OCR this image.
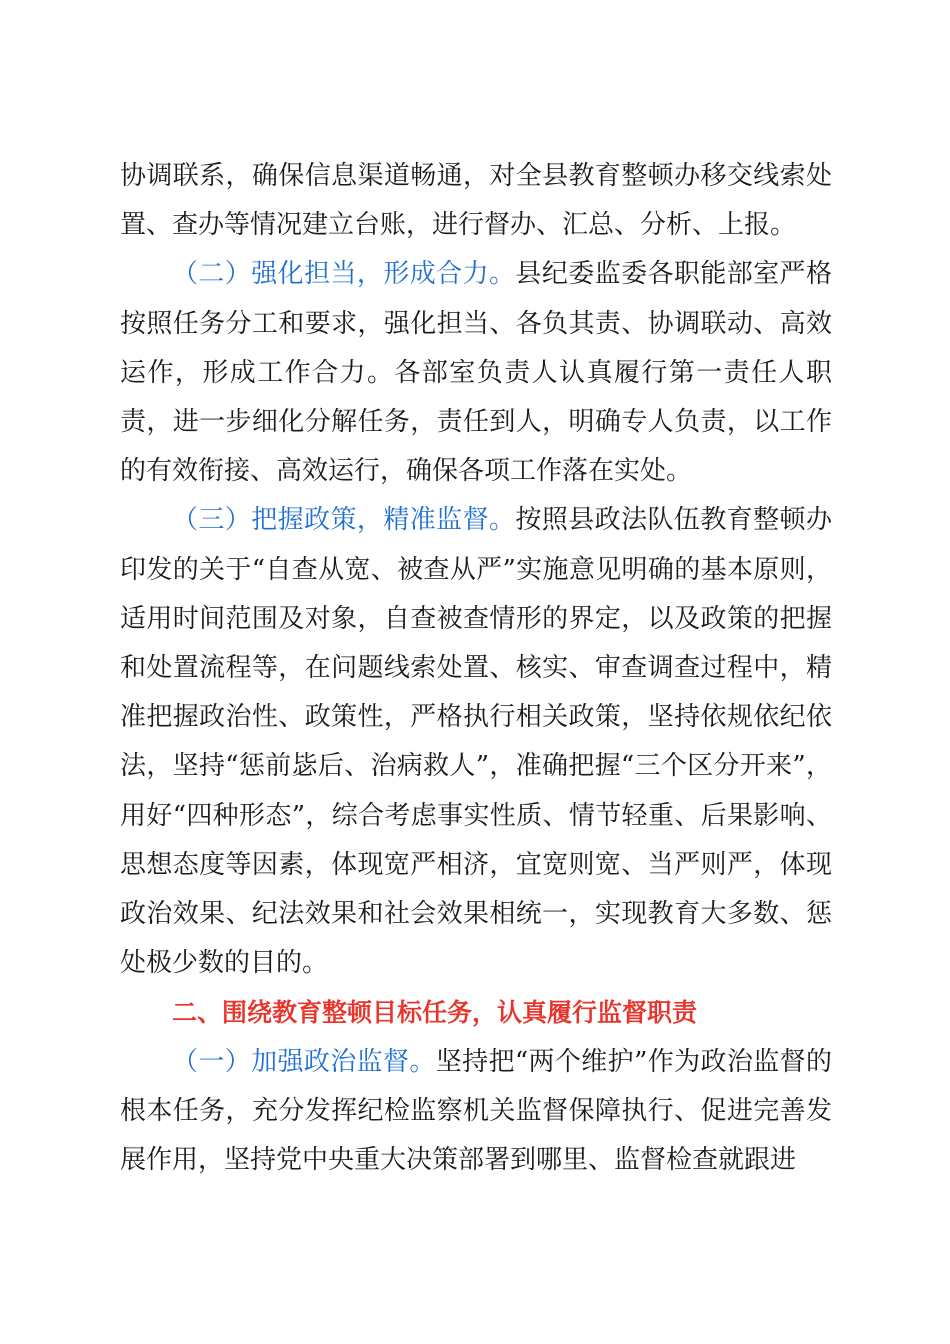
协调联系，确保信息渠道畅通，对全县教育整顿办移交线索处置、查办等情况建立台账，进行督办、汇总、分析、上报。

（二）强化担当，形成合力。县纪委监委各职能部室严格按照任务分工和要求，强化担当、各负其责、协调联动、高效运作，形成工作合力。各部室负责人认真履行第一责任人职责，进一步细化分解任务，责任到人，明确专人负责，以工作的有效衔接、高效运行，确保各项工作落在实处。

（三）把握政策，精准监督。按照县政法队伍教育整顿办印发的关于“自查从宽、被查从严”实施意见明确的基本原则，适用时间范围及对象，自查被查情形的界定，以及政策的把握和处置流程等，在问题线索处置、核实、审查调查过程中，精准把握政治性、政策性，严格执行相关政策，坚持依规依纪依法，坚持“惩前毖后、治病救人”，准确把握“三个区分开来”，用好“四种形态”，综合考虑事实性质、情节轻重、后果影响、思想态度等因素，体现宽严相济，宜宽则宽、当严则严，体现政治效果、纪法效果和社会效果相统一，实现教育大多数、惩处极少数的目的。

二、围绕教育整顿目标任务，认真履行监督职责

（一）加强政治监督。坚持把“两个维护”作为政治监督的根本任务，充分发挥纪检监察机关监督保障执行、促进完善发展作用，坚持党中央重大决策部署到哪里、监督检查就跟进
